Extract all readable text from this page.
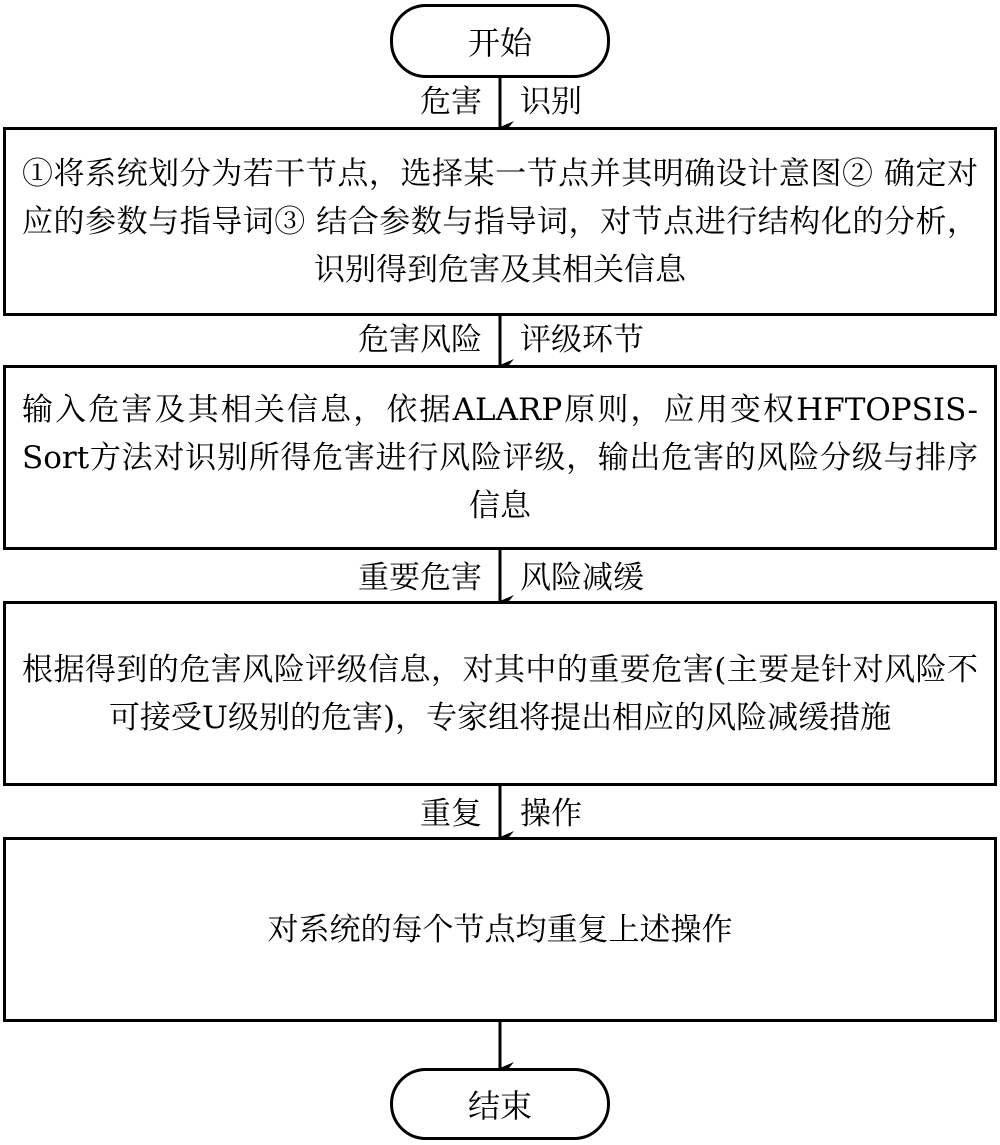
开始
危害 识别
①将系统划分为若干节点，选择某一节点并其明确设计意图② 确定对应的参数与指导词③ 结合参数与指导词，对节点进行结构化的分析，识别得到危害及其相关信息
危害风险 评级环节
输入危害及其相关信息，依据ALARP原则，应用变权HFTOPSIS-Sort方法对识别所得危害进行风险评级，输出危害的风险分级与排序信息
重要危害 风险减缓
根据得到的危害风险评级信息，对其中的重要危害(主要是针对风险不可接受U级别的危害)，专家组将提出相应的风险减缓措施
重复 操作
对系统的每个节点均重复上述操作
结束
